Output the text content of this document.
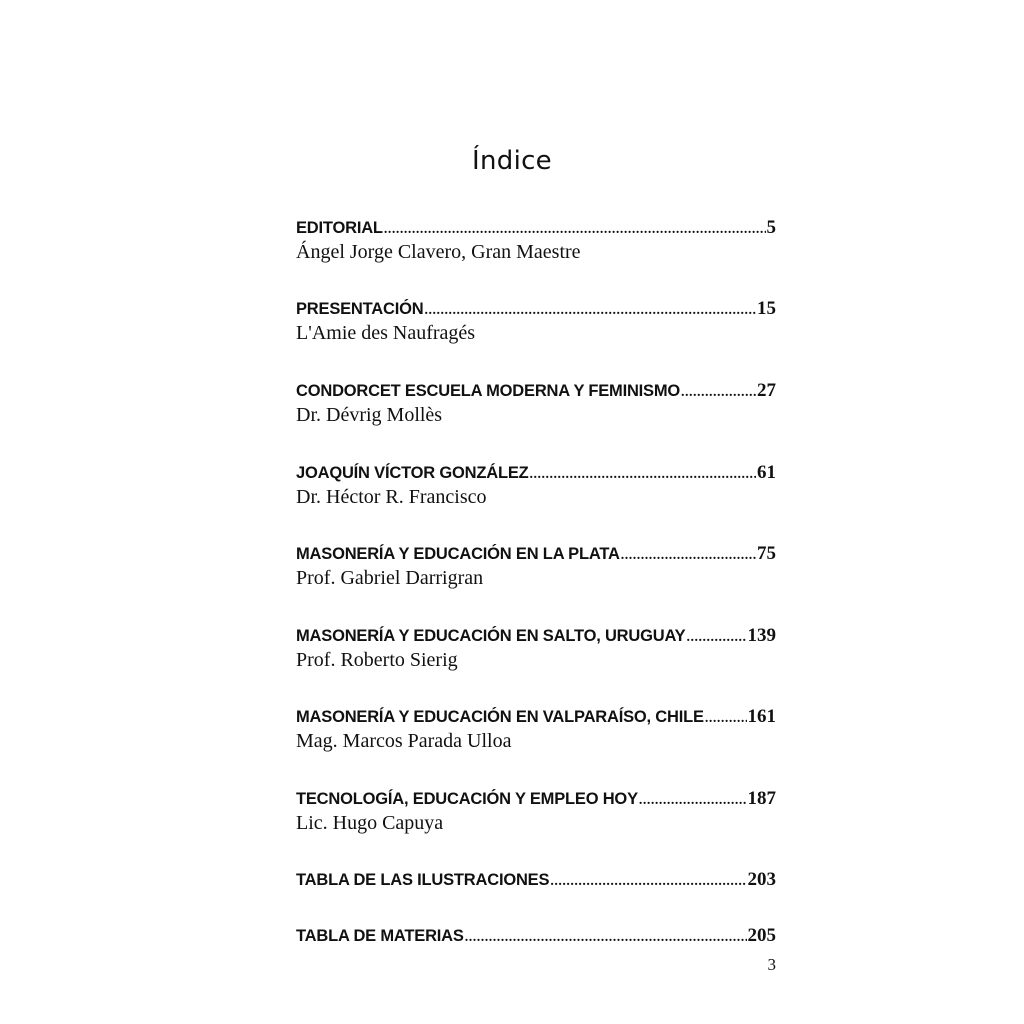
Índice
EDITORIAL .....	5
Ángel Jorge Clavero, Gran Maestre
PRESENTACIÓN .....	15
L'Amie des Naufragés
CONDORCET ESCUELA MODERNA Y FEMINISMO .....	27
Dr. Dévrig Mollès
JOAQUÍN VÍCTOR GONZÁLEZ .....	61
Dr. Héctor R. Francisco
MASONERÍA Y EDUCACIÓN EN LA PLATA .....	75
Prof. Gabriel Darrigran
MASONERÍA Y EDUCACIÓN EN SALTO, URUGUAY .....	139
Prof. Roberto Sierig
MASONERÍA Y EDUCACIÓN EN VALPARAÍSO, CHILE ..... 161
Mag. Marcos Parada Ulloa
TECNOLOGÍA, EDUCACIÓN Y EMPLEO HOY .....	187
Lic. Hugo Capuya
TABLA DE LAS ILUSTRACIONES .....	203
TABLA DE MATERIAS .....	205
3
